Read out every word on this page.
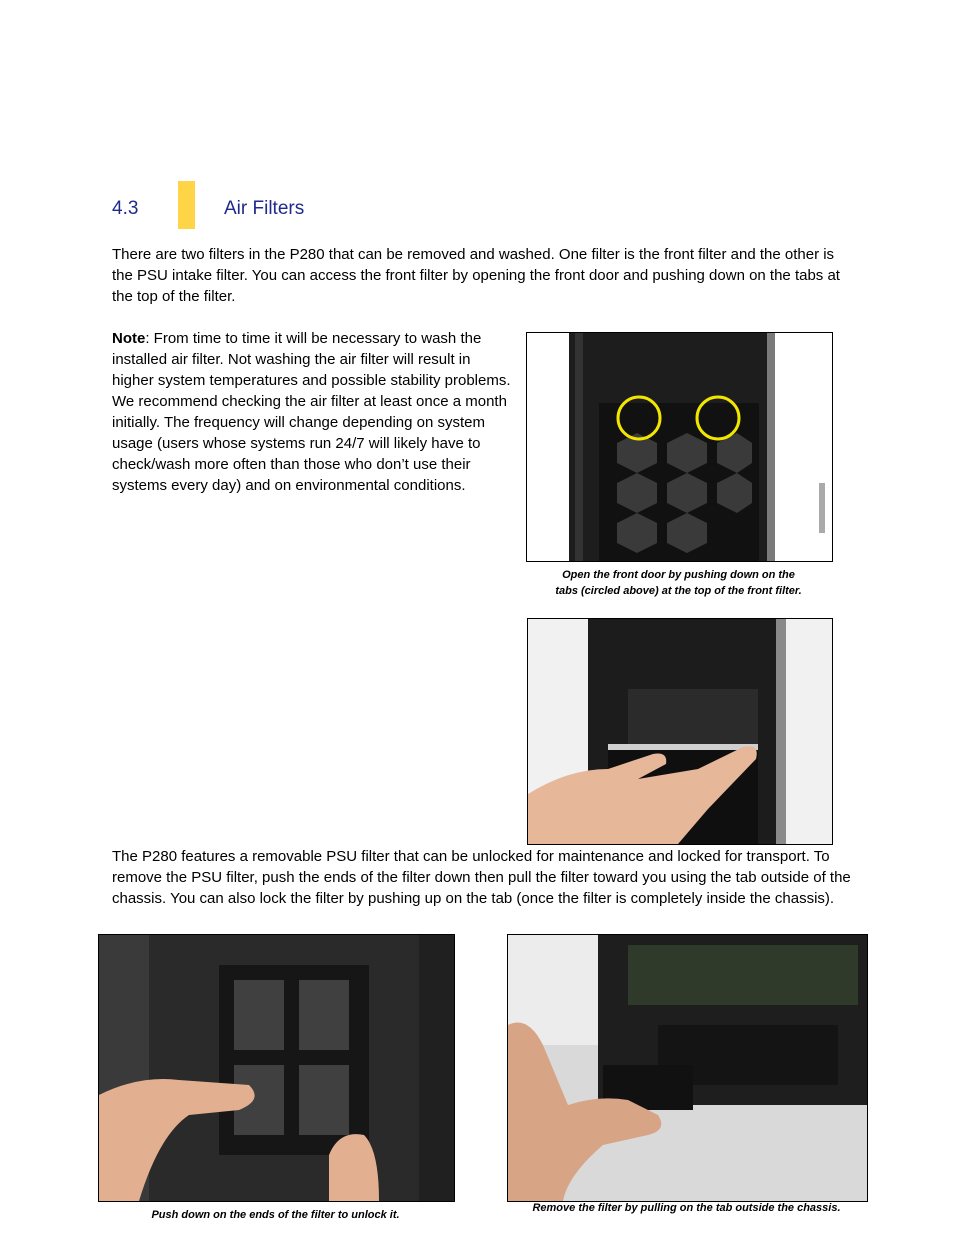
4.3	Air Filters
There are two filters in the P280 that can be removed and washed. One filter is the front filter and the other is the PSU intake filter. You can access the front filter by opening the front door and pushing down on the tabs at the top of the filter.
Note: From time to time it will be necessary to wash the installed air filter. Not washing the air filter will result in higher system temperatures and possible stability problems. We recommend checking the air filter at least once a month initially. The frequency will change depending on system usage (users whose systems run 24/7 will likely have to check/wash more often than those who don’t use their systems every day) and on environmental conditions.
Open the front door by pushing down on the
tabs (circled above) at the top of the front filter.
The P280 features a removable PSU filter that can be unlocked for maintenance and locked for transport. To remove the PSU filter, push the ends of the filter down then pull the filter toward you using the tab outside of the chassis. You can also lock the filter by pushing up on the tab (once the filter is completely inside the chassis).
Push down on the ends of the filter to unlock it.
Remove the filter by pulling on the tab outside the chassis.
